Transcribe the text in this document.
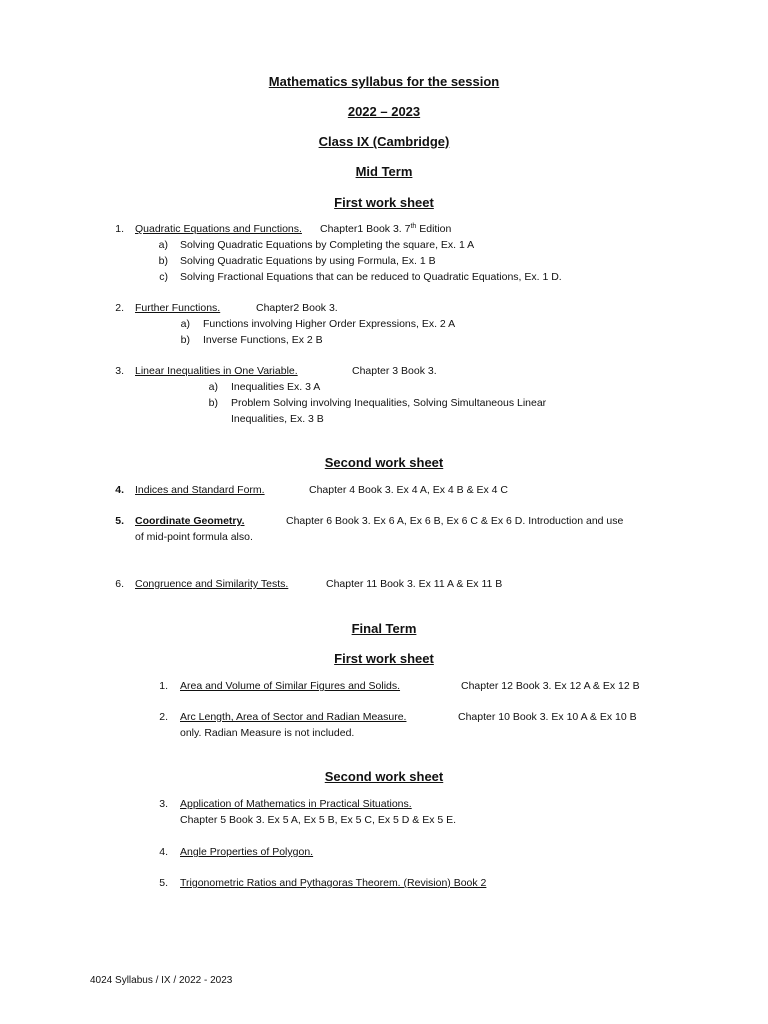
Mathematics syllabus for the session
2022 – 2023
Class IX (Cambridge)
Mid Term
First work sheet
1. Quadratic Equations and Functions. Chapter1 Book 3. 7th Edition
a) Solving Quadratic Equations by Completing the square, Ex. 1 A
b) Solving Quadratic Equations by using Formula, Ex. 1 B
c) Solving Fractional Equations that can be reduced to Quadratic Equations, Ex. 1 D.
2. Further Functions.	Chapter2 Book 3.
a) Functions involving Higher Order Expressions, Ex. 2 A
b) Inverse Functions, Ex 2 B
3. Linear Inequalities in One Variable.	Chapter 3 Book 3.
a) Inequalities Ex. 3 A
b) Problem Solving involving Inequalities, Solving Simultaneous Linear
Inequalities, Ex. 3 B
Second work sheet
4. Indices and Standard Form.	Chapter 4 Book 3. Ex 4 A, Ex 4 B & Ex 4 C
5. Coordinate Geometry.	Chapter 6 Book 3. Ex 6 A, Ex 6 B, Ex 6 C & Ex 6 D. Introduction and use
of mid-point formula also.
6. Congruence and Similarity Tests.	Chapter 11 Book 3. Ex 11 A & Ex 11 B
Final Term
First work sheet
1. Area and Volume of Similar Figures and Solids.	Chapter 12 Book 3. Ex 12 A & Ex 12 B
2. Arc Length, Area of Sector and Radian Measure.	Chapter 10 Book 3. Ex 10 A & Ex 10 B
only. Radian Measure is not included.
Second work sheet
3. Application of Mathematics in Practical Situations.
Chapter 5 Book 3. Ex 5 A, Ex 5 B, Ex 5 C, Ex 5 D & Ex 5 E.
4. Angle Properties of Polygon.
5. Trigonometric Ratios and Pythagoras Theorem. (Revision) Book 2
4024 Syllabus / IX / 2022 - 2023
